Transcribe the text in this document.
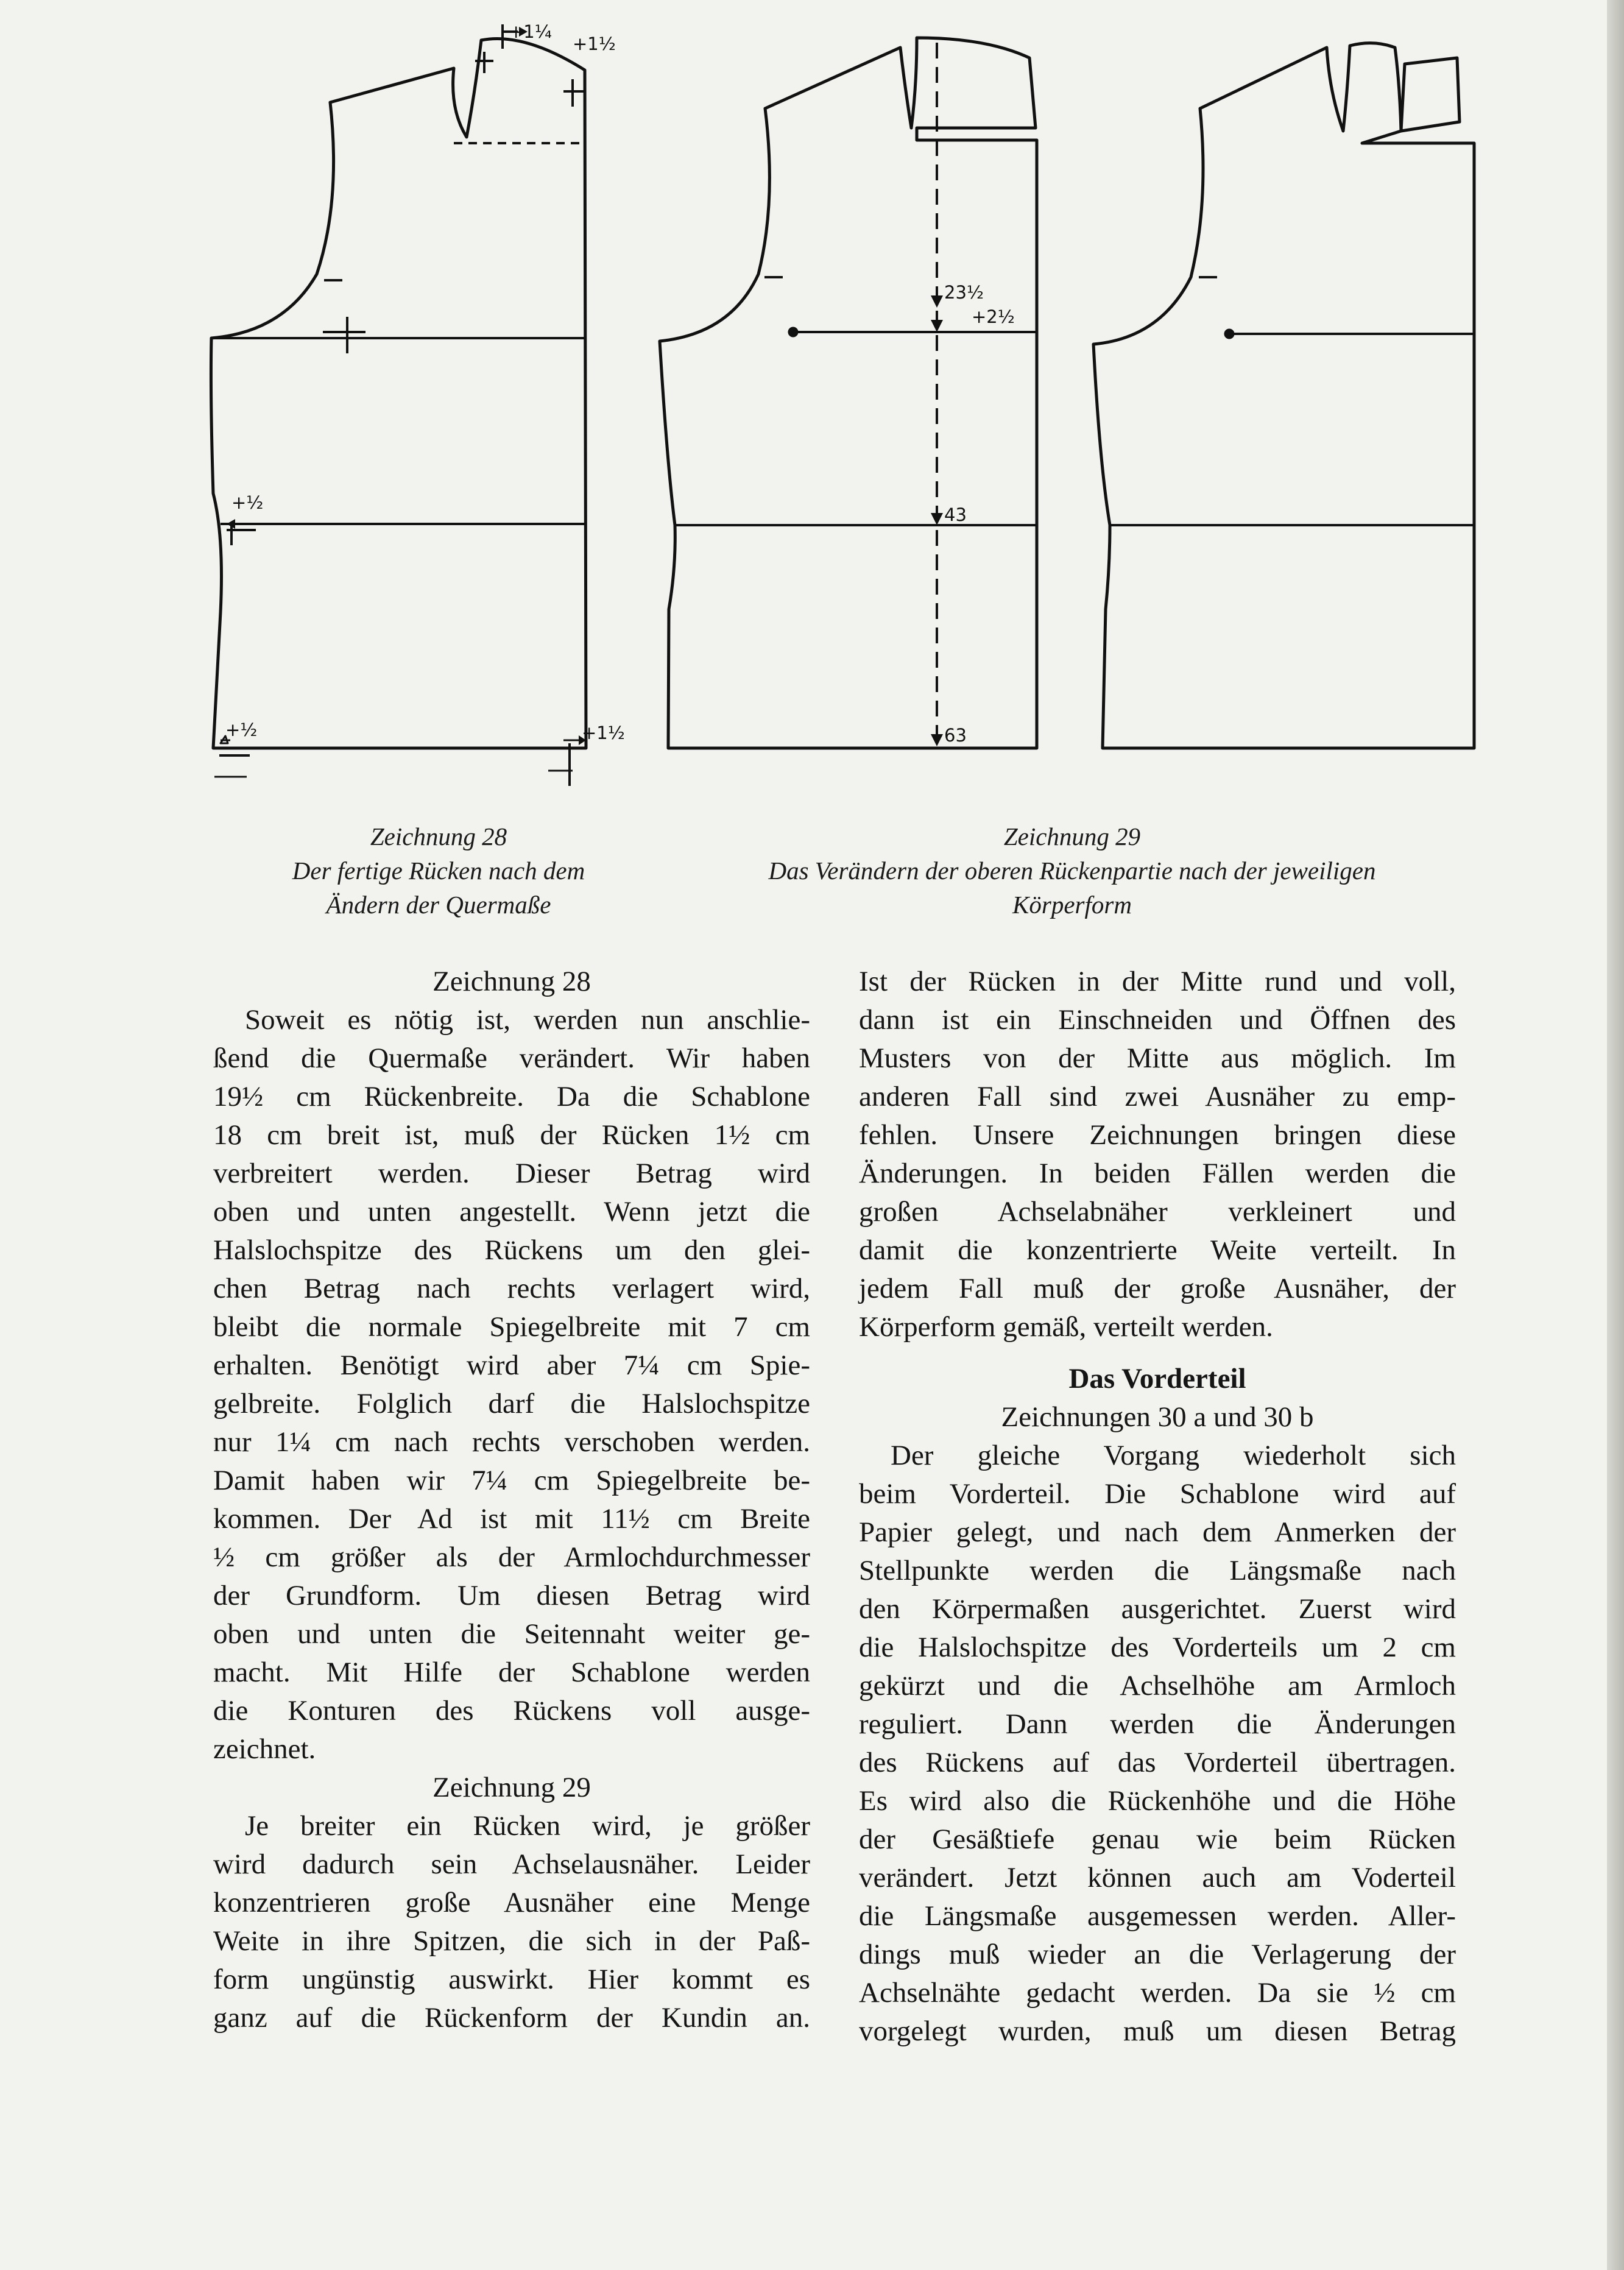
+1¼
+1½
+½
+½	+1½
23½
+2½
43
63
Zeichnung 28
Der fertige Rücken nach dem
Ändern der Quermaße
Zeichnung 29
Das Verändern der oberen Rückenpartie nach der jeweiligen
Körperform
Zeichnung 28
Soweit es nötig ist, werden nun anschlie-
ßend die Quermaße verändert. Wir haben
19½ cm Rückenbreite. Da die Schablone
18 cm breit ist, muß der Rücken 1½ cm
verbreitert werden. Dieser Betrag wird
oben und unten angestellt. Wenn jetzt die
Halslochspitze des Rückens um den glei-
chen Betrag nach rechts verlagert wird,
bleibt die normale Spiegelbreite mit 7 cm
erhalten. Benötigt wird aber 7¼ cm Spie-
gelbreite. Folglich darf die Halslochspitze
nur 1¼ cm nach rechts verschoben werden.
Damit haben wir 7¼ cm Spiegelbreite be-
kommen. Der Ad ist mit 11½ cm Breite
½ cm größer als der Armlochdurchmesser
der Grundform. Um diesen Betrag wird
oben und unten die Seitennaht weiter ge-
macht. Mit Hilfe der Schablone werden
die Konturen des Rückens voll ausge-
zeichnet.
Zeichnung 29
Je breiter ein Rücken wird, je größer
wird dadurch sein Achselausnäher. Leider
konzentrieren große Ausnäher eine Menge
Weite in ihre Spitzen, die sich in der Paß-
form ungünstig auswirkt. Hier kommt es
ganz auf die Rückenform der Kundin an.
Ist der Rücken in der Mitte rund und voll,
dann ist ein Einschneiden und Öffnen des
Musters von der Mitte aus möglich. Im
anderen Fall sind zwei Ausnäher zu emp-
fehlen. Unsere Zeichnungen bringen diese
Änderungen. In beiden Fällen werden die
großen Achselabnäher verkleinert und
damit die konzentrierte Weite verteilt. In
jedem Fall muß der große Ausnäher, der
Körperform gemäß, verteilt werden.
Das Vorderteil
Zeichnungen 30 a und 30 b
Der gleiche Vorgang wiederholt sich
beim Vorderteil. Die Schablone wird auf
Papier gelegt, und nach dem Anmerken der
Stellpunkte werden die Längsmaße nach
den Körpermaßen ausgerichtet. Zuerst wird
die Halslochspitze des Vorderteils um 2 cm
gekürzt und die Achselhöhe am Armloch
reguliert. Dann werden die Änderungen
des Rückens auf das Vorderteil übertragen.
Es wird also die Rückenhöhe und die Höhe
der Gesäßtiefe genau wie beim Rücken
verändert. Jetzt können auch am Voderteil
die Längsmaße ausgemessen werden. Aller-
dings muß wieder an die Verlagerung der
Achselnähte gedacht werden. Da sie ½ cm
vorgelegt wurden, muß um diesen Betrag
